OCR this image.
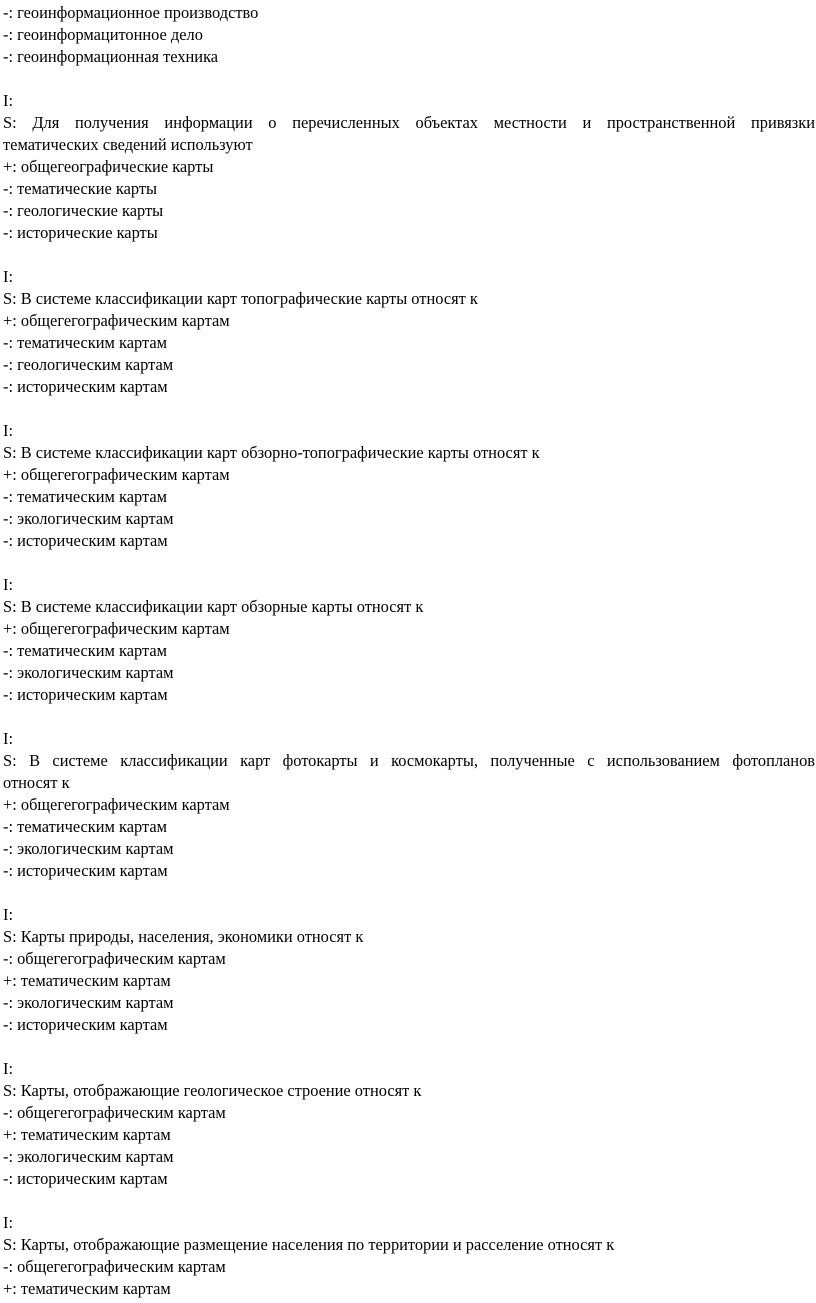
-: геоинформационное производство
-: геоинформацитонное дело
-: геоинформационная техника
I:
S: Для получения информации о перечисленных объектах местности и пространственной привязки
тематических сведений используют
+: общегеографические карты
-: тематические карты
-: геологические карты
-: исторические карты
I:
S: В системе классификации карт топографические карты относят к
+: общегегографическим картам
-: тематическим картам
-: геологическим картам
-: историческим картам
I:
S: В системе классификации карт обзорно-топографические карты относят к
+: общегегографическим картам
-: тематическим картам
-: экологическим картам
-: историческим картам
I:
S: В системе классификации карт обзорные карты относят к
+: общегегографическим картам
-: тематическим картам
-: экологическим картам
-: историческим картам
I:
S: В системе классификации карт фотокарты и космокарты, полученные с использованием фотопланов
относят к
+: общегегографическим картам
-: тематическим картам
-: экологическим картам
-: историческим картам
I:
S: Карты природы, населения, экономики относят к
-: общегегографическим картам
+: тематическим картам
-: экологическим картам
-: историческим картам
I:
S: Карты, отображающие геологическое строение относят к
-: общегегографическим картам
+: тематическим картам
-: экологическим картам
-: историческим картам
I:
S: Карты, отображающие размещение населения по территории и расселение относят к
-: общегегографическим картам
+: тематическим картам
